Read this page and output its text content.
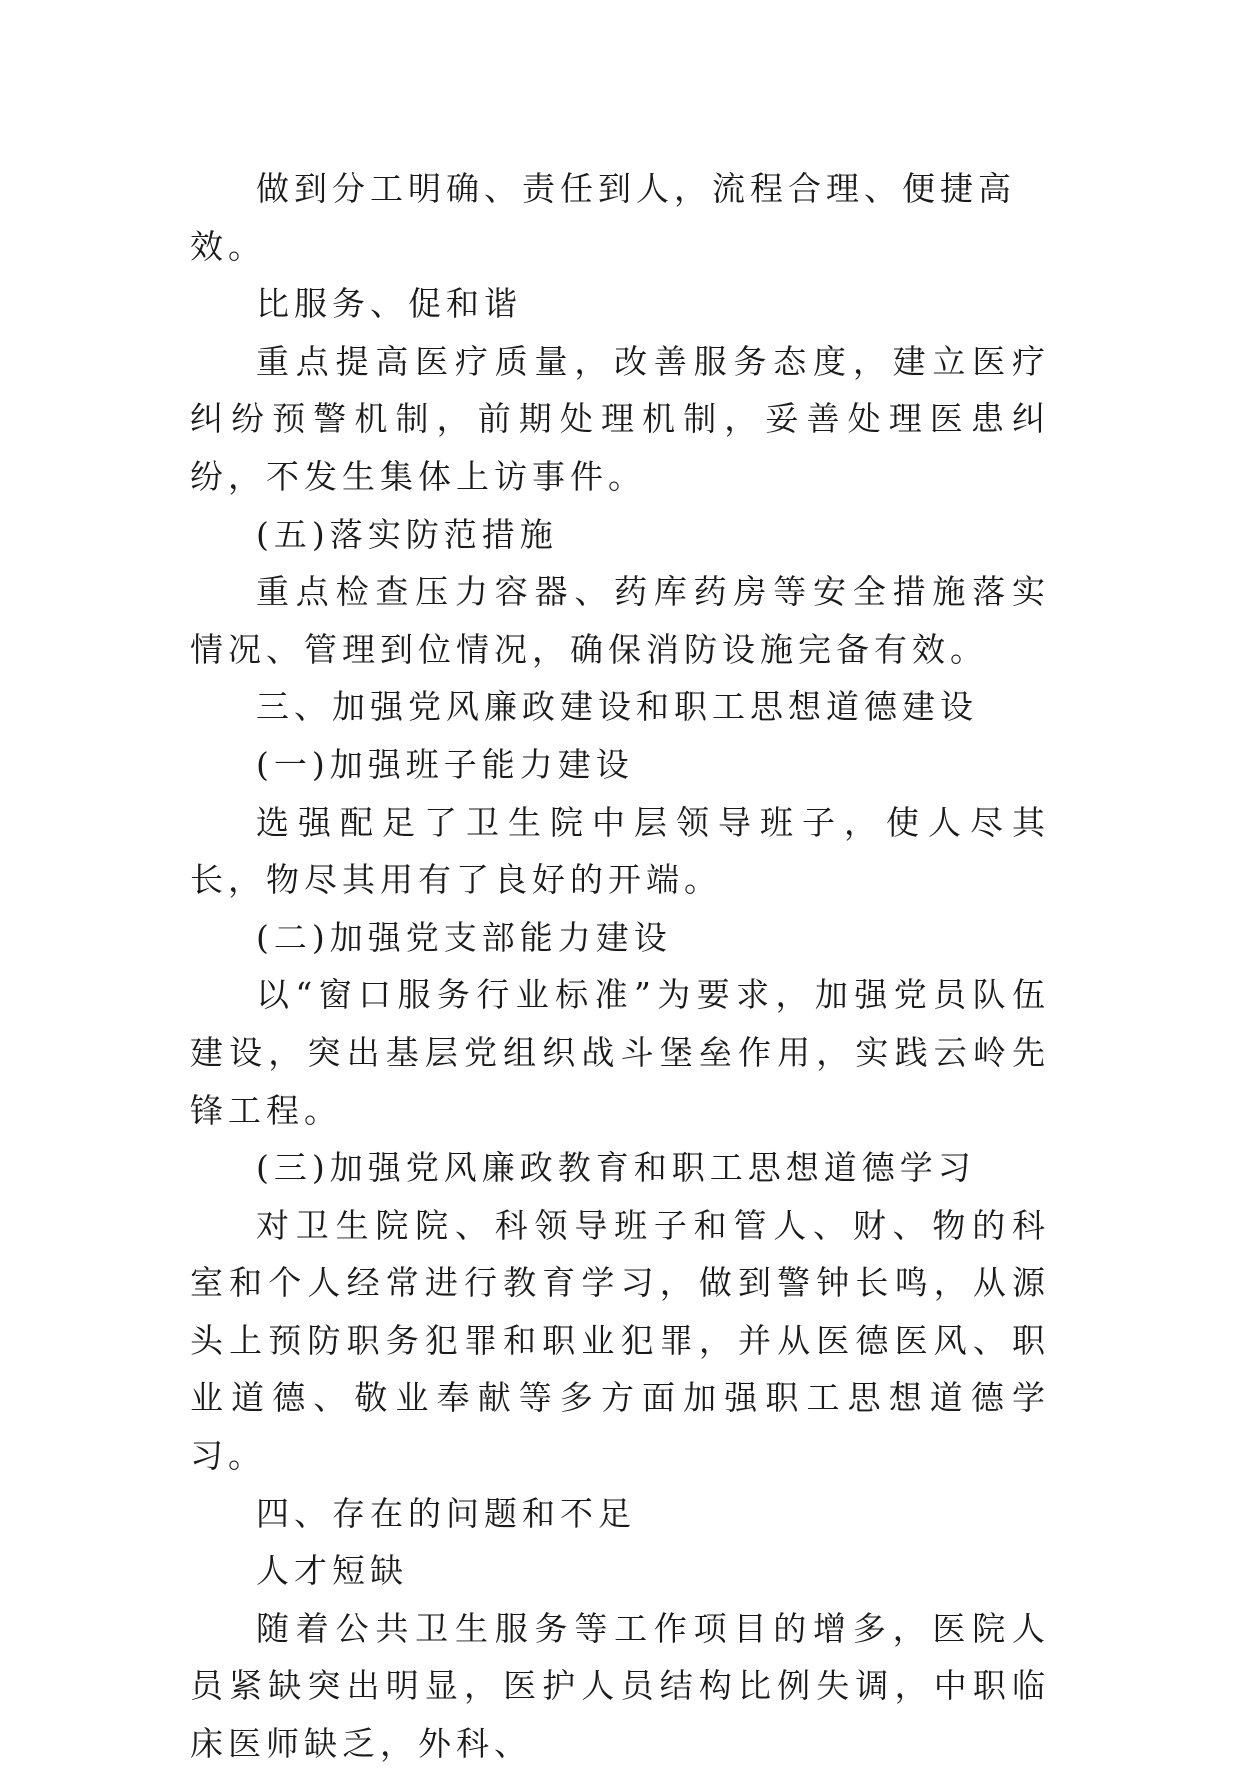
做到分工明确、责任到人，流程合理、便捷高效。

比服务、促和谐

重点提高医疗质量，改善服务态度，建立医疗纠纷预警机制，前期处理机制，妥善处理医患纠纷，不发生集体上访事件。

(五)落实防范措施

重点检查压力容器、药库药房等安全措施落实情况、管理到位情况，确保消防设施完备有效。

三、加强党风廉政建设和职工思想道德建设

(一)加强班子能力建设

选强配足了卫生院中层领导班子，使人尽其长，物尽其用有了良好的开端。

(二)加强党支部能力建设

以“窗口服务行业标准”为要求，加强党员队伍建设，突出基层党组织战斗堡垒作用，实践云岭先锋工程。

(三)加强党风廉政教育和职工思想道德学习

对卫生院院、科领导班子和管人、财、物的科室和个人经常进行教育学习，做到警钟长鸣，从源头上预防职务犯罪和职业犯罪，并从医德医风、职业道德、敬业奉献等多方面加强职工思想道德学习。

四、存在的问题和不足

人才短缺

随着公共卫生服务等工作项目的增多，医院人员紧缺突出明显，医护人员结构比例失调，中职临床医师缺乏，外科、
